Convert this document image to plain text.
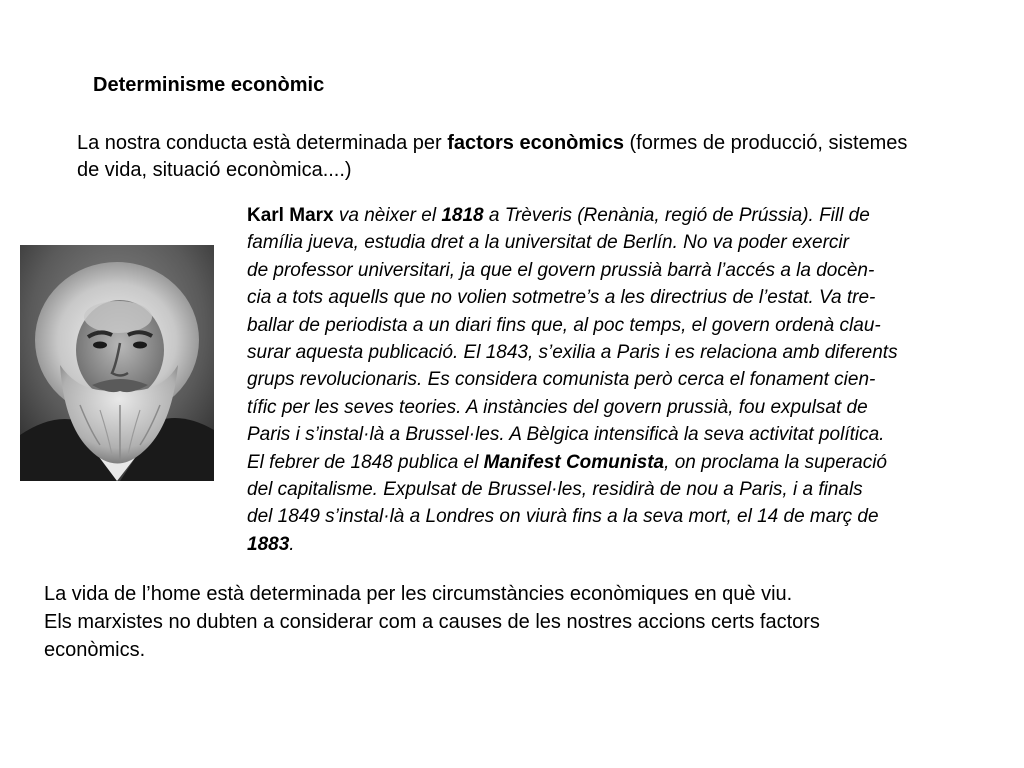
Determinisme econòmic
La nostra conducta està determinada per factors econòmics (formes de producció, sistemes
de vida, situació econòmica....)
Karl Marx va nèixer el 1818 a Trèveris (Renània, regió de Prússia). Fill de
família jueva, estudia dret a la universitat de Berlín. No va poder exercir
de professor universitari, ja que el govern prussià barrà l’accés a la docèn-
cia a tots aquells que no volien sotmetre’s a les directrius de l’estat. Va tre-
ballar de periodista a un diari fins que, al poc temps, el govern ordenà clau-
surar aquesta publicació. El 1843, s’exilia a Paris i es relaciona amb diferents
grups revolucionaris. Es considera comunista però cerca el fonament cien-
tífic per les seves teories. A instàncies del govern prussià, fou expulsat de
Paris i s’instal·là a Brussel·les. A Bèlgica intensificà la seva activitat política.
El febrer de 1848 publica el Manifest Comunista, on proclama la superació
del capitalisme. Expulsat de Brussel·les, residirà de nou a Paris, i a finals
del 1849 s’instal·là a Londres on viurà fins a la seva mort, el 14 de març de
1883.
La vida de l’home està determinada per les circumstàncies econòmiques en què viu.
Els marxistes no dubten a considerar com a causes de les nostres accions certs factors
econòmics.
